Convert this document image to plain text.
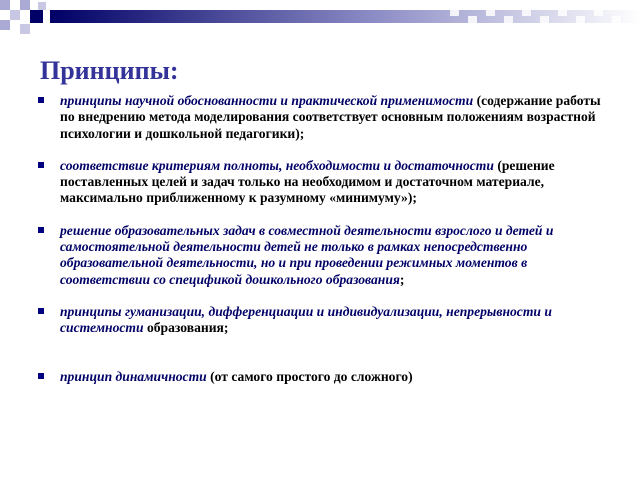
Принципы:
принципы научной обоснованности и практической применимости (содержание работы по внедрению метода моделирования соответствует основным положениям возрастной психологии и дошкольной педагогики);
соответствие критериям полноты, необходимости и достаточности (решение поставленных целей и задач только на необходимом и достаточном материале, максимально приближенному к разумному «минимуму»);
решение образовательных задач в совместной деятельности взрослого и детей и самостоятельной деятельности детей не только в рамках непосредственно образовательной деятельности, но и при проведении режимных моментов в соответствии со спецификой дошкольного образования;
принципы гуманизации, дифференциации и индивидуализации, непрерывности и системности образования;
принцип динамичности (от самого простого до сложного)
